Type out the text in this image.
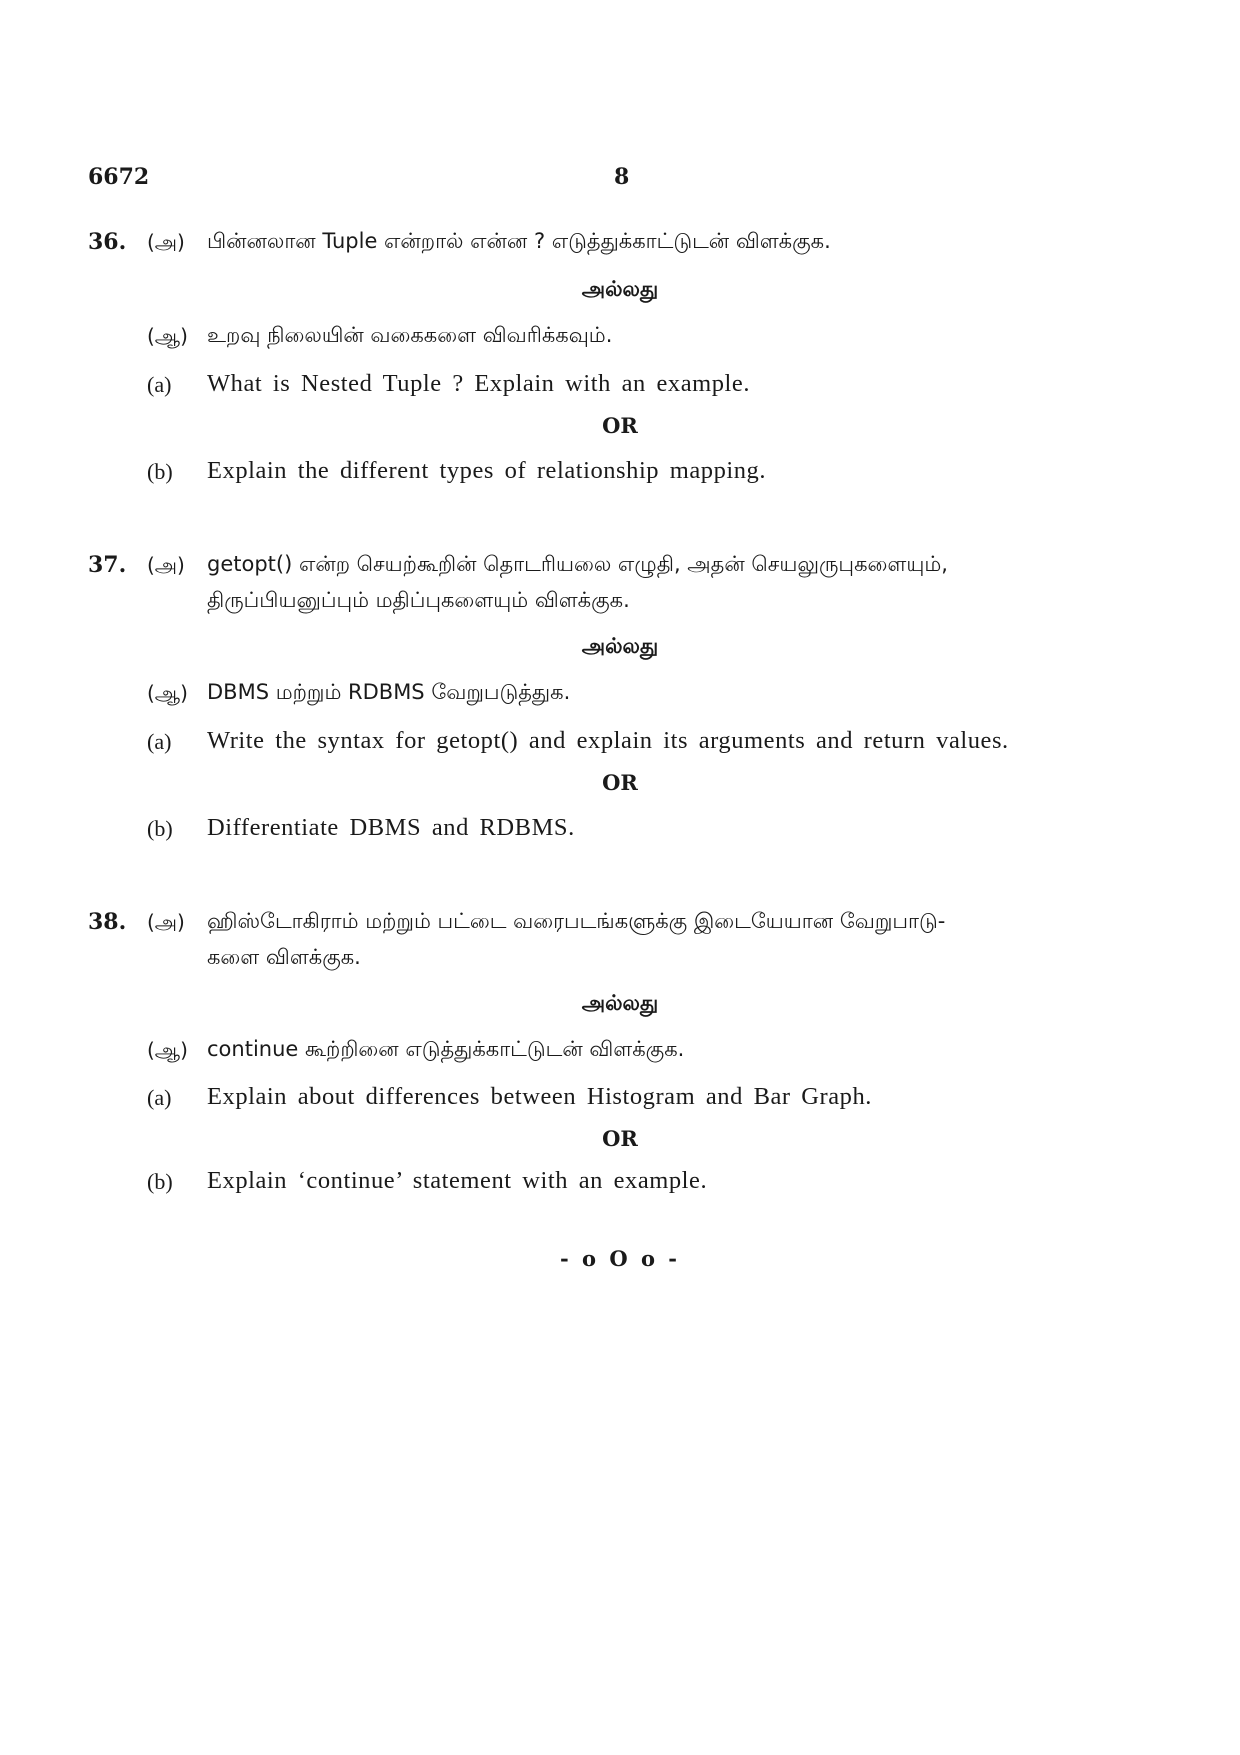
6672	8
36. (அ) பின்னலான Tuple என்றால் என்ன ? எடுத்துக்காட்டுடன் விளக்குக.
அல்லது
(ஆ) உறவு நிலையின் வகைகளை விவரிக்கவும்.
(a) What is Nested Tuple ? Explain with an example.
OR
(b) Explain the different types of relationship mapping.
37. (அ) getopt() என்ற செயற்கூறின் தொடரியலை எழுதி, அதன் செயலுருபுகளையும்,
திருப்பியனுப்பும் மதிப்புகளையும் விளக்குக.
அல்லது
(ஆ) DBMS மற்றும் RDBMS வேறுபடுத்துக.
(a) Write the syntax for getopt() and explain its arguments and return values.
OR
(b) Differentiate DBMS and RDBMS.
38. (அ) ஹிஸ்டோகிராம் மற்றும் பட்டை வரைபடங்களுக்கு இடையேயான வேறுபாடு-
களை விளக்குக.
அல்லது
(ஆ) continue கூற்றினை எடுத்துக்காட்டுடன் விளக்குக.
(a) Explain about differences between Histogram and Bar Graph.
OR
(b) Explain ‘continue’ statement with an example.
- o O o -
